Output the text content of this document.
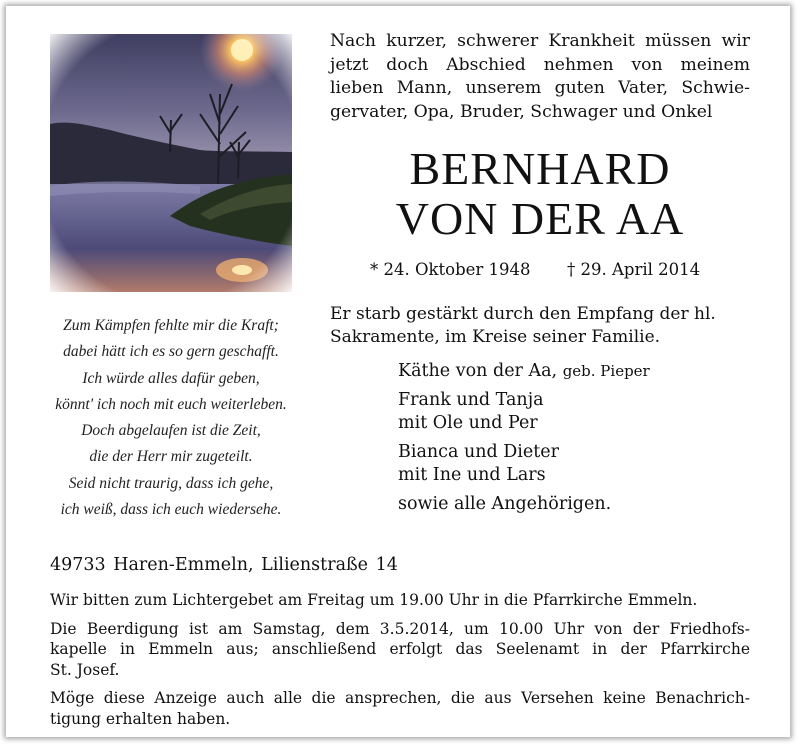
Nach kurzer, schwerer Krankheit müssen wir
jetzt doch Abschied nehmen von meinem
lieben Mann, unserem guten Vater, Schwie-
gervater, Opa, Bruder, Schwager und Onkel
BERNHARD
VON DER AA
* 24. Oktober 1948 † 29. April 2014
Er starb gestärkt durch den Empfang der hl.
Sakramente, im Kreise seiner Familie.
Käthe von der Aa, geb. Pieper
Frank und Tanja
mit Ole und Per
Bianca und Dieter
mit Ine und Lars
sowie alle Angehörigen.
Zum Kämpfen fehlte mir die Kraft;
dabei hätt ich es so gern geschafft.
Ich würde alles dafür geben,
könnt' ich noch mit euch weiterleben.
Doch abgelaufen ist die Zeit,
die der Herr mir zugeteilt.
Seid nicht traurig, dass ich gehe,
ich weiß, dass ich euch wiedersehe.
49733 Haren-Emmeln, Lilienstraße 14

Wir bitten zum Lichtergebet am Freitag um 19.00 Uhr in die Pfarrkirche Emmeln.

Die Beerdigung ist am Samstag, dem 3.5.2014, um 10.00 Uhr von der Friedhofs-
kapelle in Emmeln aus; anschließend erfolgt das Seelenamt in der Pfarrkirche
St. Josef.

Möge diese Anzeige auch alle die ansprechen, die aus Versehen keine Benachrich-
tigung erhalten haben.
